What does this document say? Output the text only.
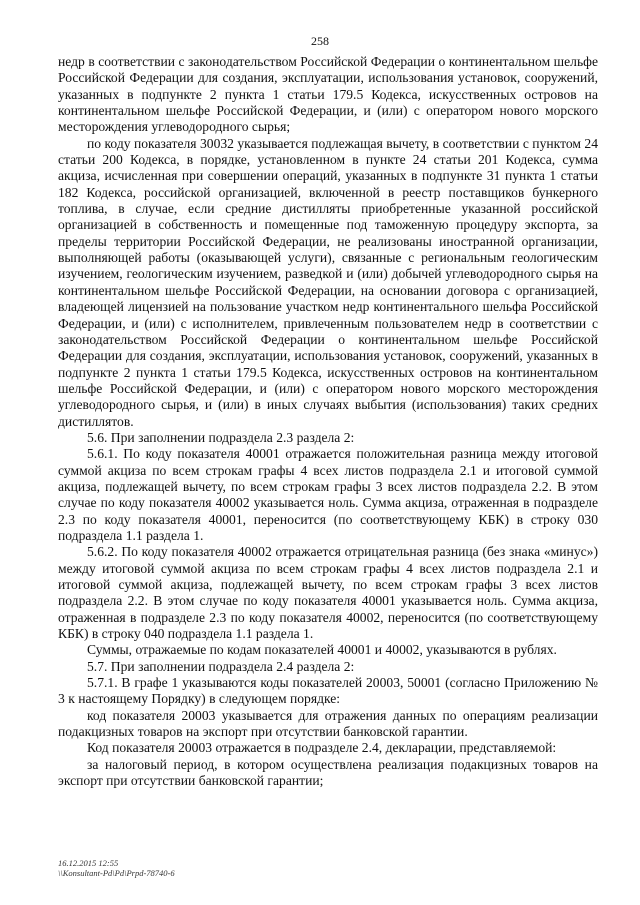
258

недр в соответствии с законодательством Российской Федерации о континентальном шельфе Российской Федерации для создания, эксплуатации, использования установок, сооружений, указанных в подпункте 2 пункта 1 статьи 179.5 Кодекса, искусственных островов на континентальном шельфе Российской Федерации, и (или) с оператором нового морского месторождения углеводородного сырья;

по коду показателя 30032 указывается подлежащая вычету, в соответствии с пунктом 24 статьи 200 Кодекса, в порядке, установленном в пункте 24 статьи 201 Кодекса, сумма акциза, исчисленная при совершении операций, указанных в подпункте 31 пункта 1 статьи 182 Кодекса, российской организацией, включенной в реестр поставщиков бункерного топлива, в случае, если средние дистилляты приобретенные указанной российской организацией в собственность и помещенные под таможенную процедуру экспорта, за пределы территории Российской Федерации, не реализованы иностранной организации, выполняющей работы (оказывающей услуги), связанные с региональным геологическим изучением, геологическим изучением, разведкой и (или) добычей углеводородного сырья на континентальном шельфе Российской Федерации, на основании договора с организацией, владеющей лицензией на пользование участком недр континентального шельфа Российской Федерации, и (или) с исполнителем, привлеченным пользователем недр в соответствии с законодательством Российской Федерации о континентальном шельфе Российской Федерации для создания, эксплуатации, использования установок, сооружений, указанных в подпункте 2 пункта 1 статьи 179.5 Кодекса, искусственных островов на континентальном шельфе Российской Федерации, и (или) с оператором нового морского месторождения углеводородного сырья, и (или) в иных случаях выбытия (использования) таких средних дистиллятов.

5.6. При заполнении подраздела 2.3 раздела 2:

5.6.1. По коду показателя 40001 отражается положительная разница между итоговой суммой акциза по всем строкам графы 4 всех листов подраздела 2.1 и итоговой суммой акциза, подлежащей вычету, по всем строкам графы 3 всех листов подраздела 2.2. В этом случае по коду показателя 40002 указывается ноль. Сумма акциза, отраженная в подразделе 2.3 по коду показателя 40001, переносится (по соответствующему КБК) в строку 030 подраздела 1.1 раздела 1.

5.6.2. По коду показателя 40002 отражается отрицательная разница (без знака «минус») между итоговой суммой акциза по всем строкам графы 4 всех листов подраздела 2.1 и итоговой суммой акциза, подлежащей вычету, по всем строкам графы 3 всех листов подраздела 2.2. В этом случае по коду показателя 40001 указывается ноль. Сумма акциза, отраженная в подразделе 2.3 по коду показателя 40002, переносится (по соответствующему КБК) в строку 040 подраздела 1.1 раздела 1.

Суммы, отражаемые по кодам показателей 40001 и 40002, указываются в рублях.

5.7. При заполнении подраздела 2.4 раздела 2:

5.7.1. В графе 1 указываются коды показателей 20003, 50001 (согласно Приложению № 3 к настоящему Порядку) в следующем порядке:

код показателя 20003 указывается для отражения данных по операциям реализации подакцизных товаров на экспорт при отсутствии банковской гарантии.

Код показателя 20003 отражается в подразделе 2.4, декларации, представляемой:

за налоговый период, в котором осуществлена реализация подакцизных товаров на экспорт при отсутствии банковской гарантии;

16.12.2015 12:55
\\Konsultant-Pd\Pd\Prpd-78740-6
